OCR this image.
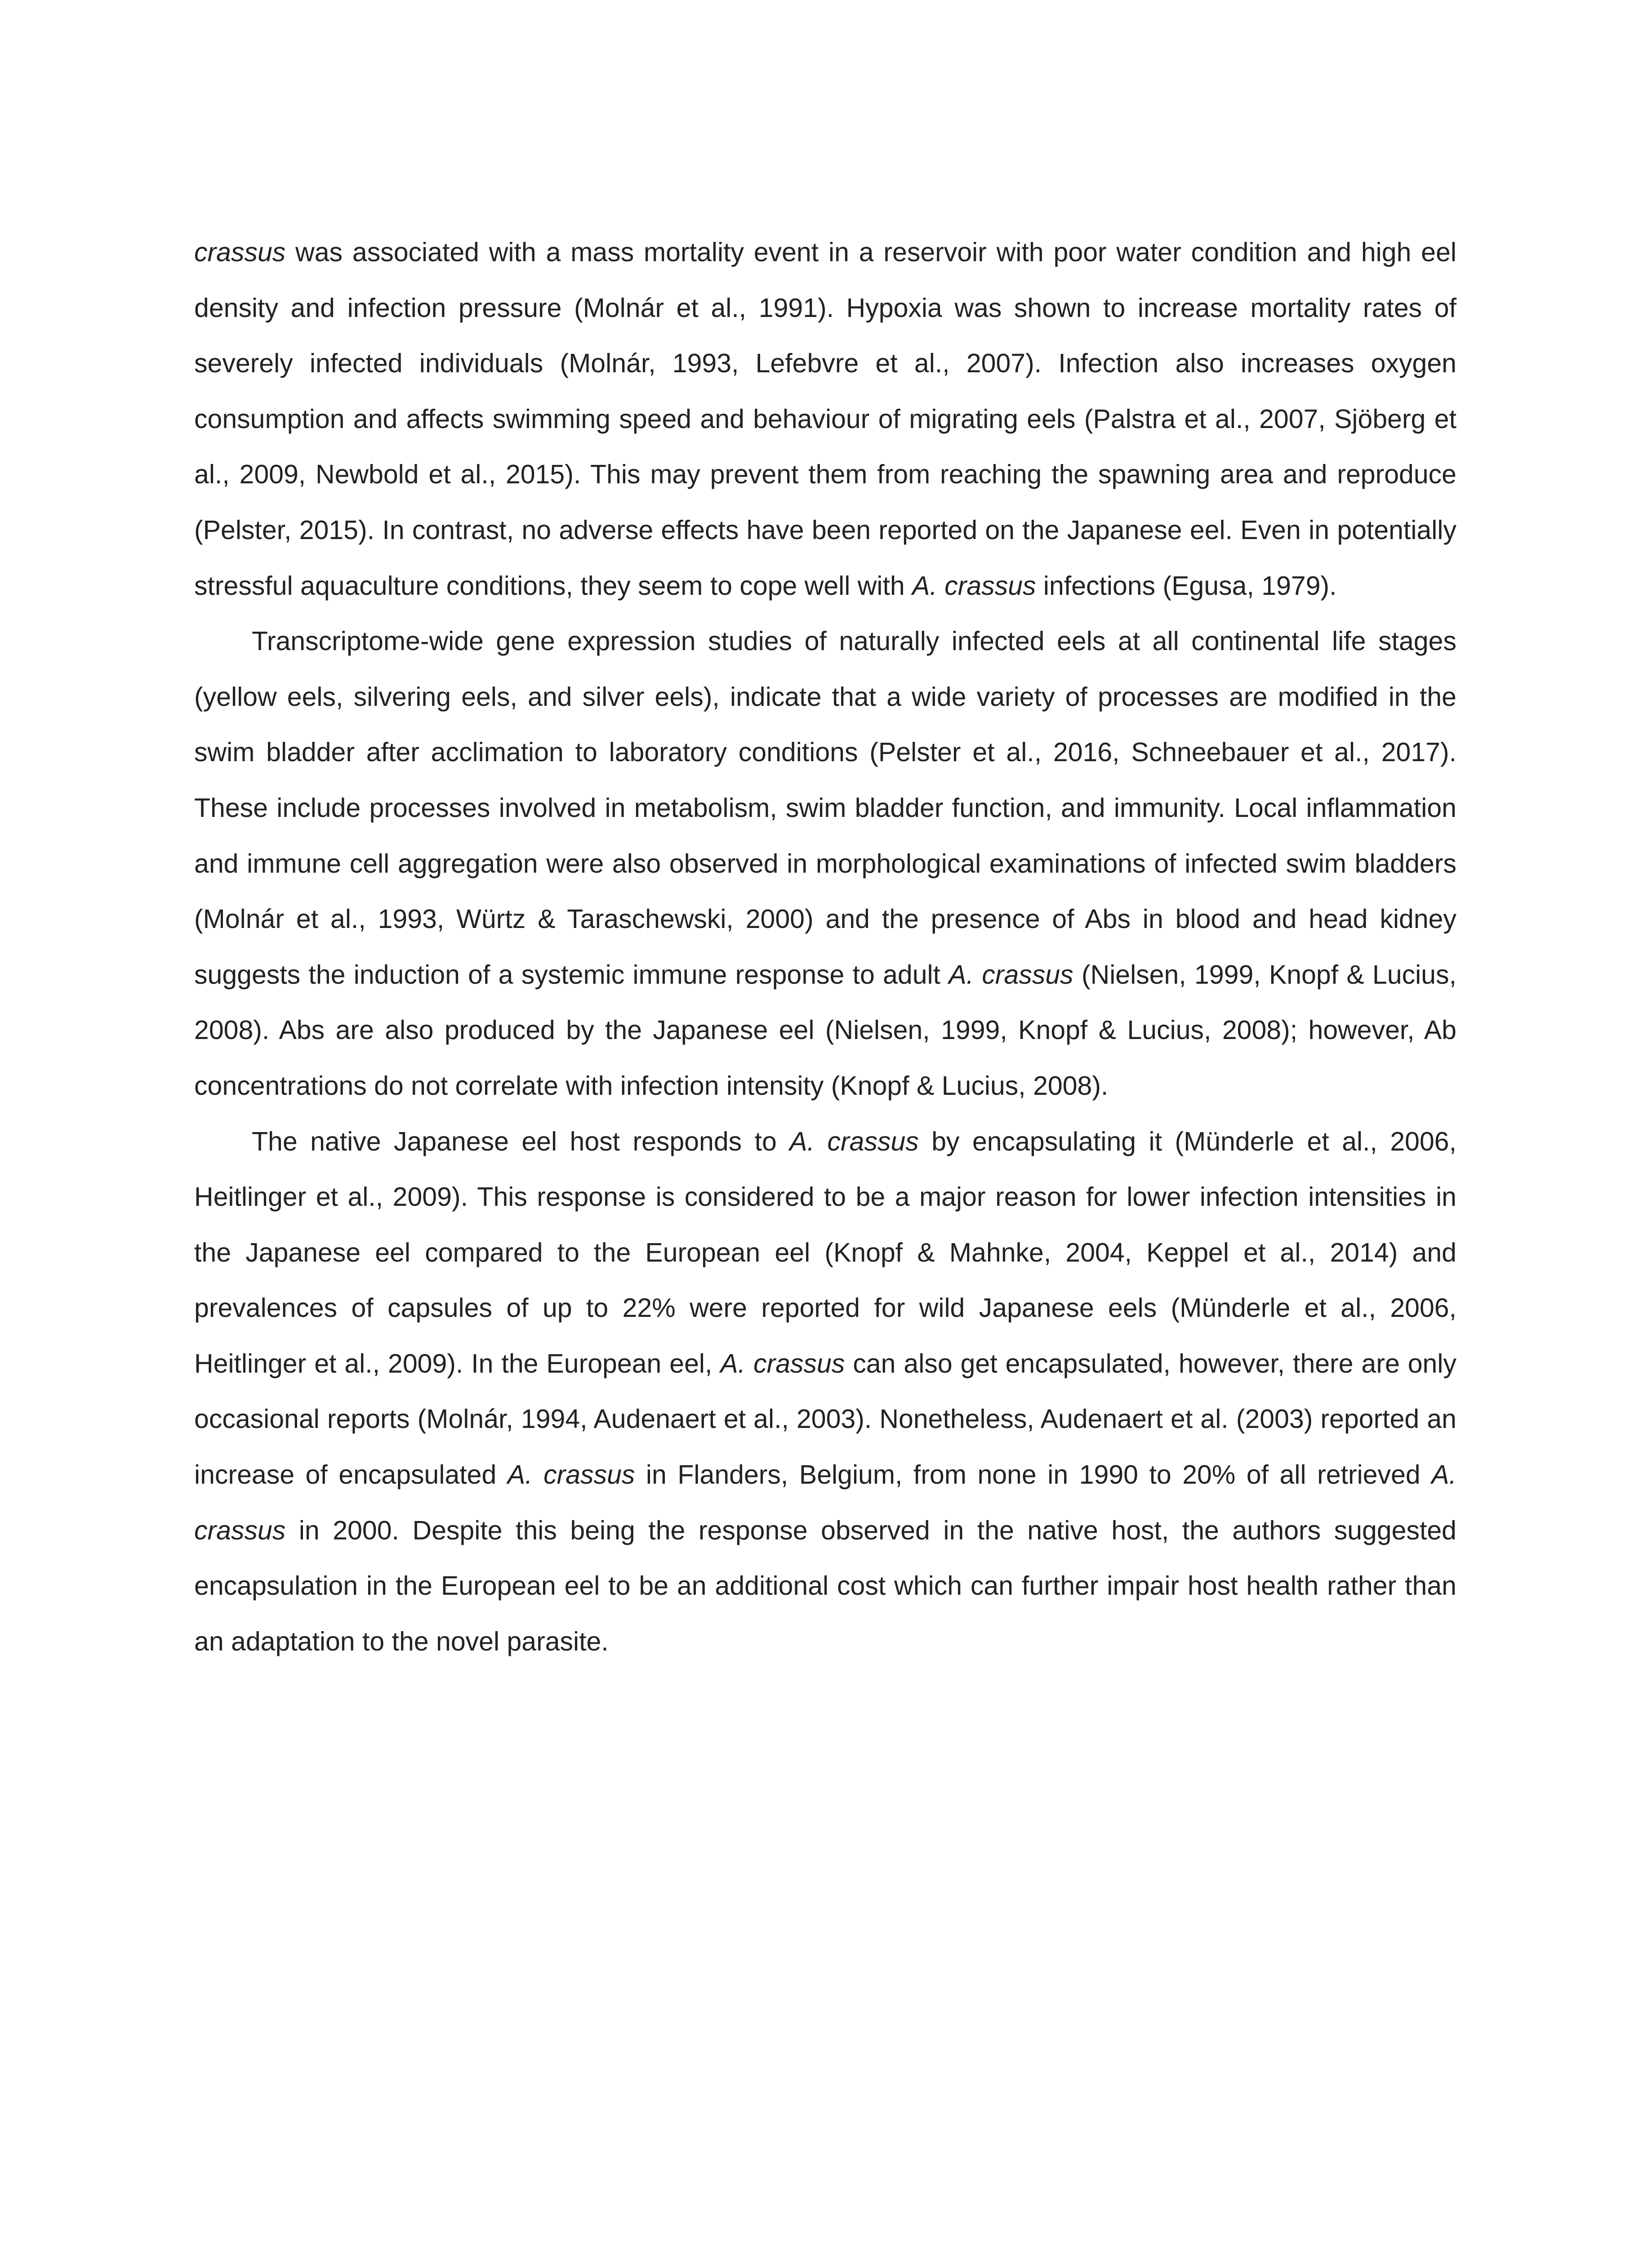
crassus was associated with a mass mortality event in a reservoir with poor water condition and high eel density and infection pressure (Molnár et al., 1991). Hypoxia was shown to increase mortality rates of severely infected individuals (Molnár, 1993, Lefebvre et al., 2007). Infection also increases oxygen consumption and affects swimming speed and behaviour of migrating eels (Palstra et al., 2007, Sjöberg et al., 2009, Newbold et al., 2015). This may prevent them from reaching the spawning area and reproduce (Pelster, 2015). In contrast, no adverse effects have been reported on the Japanese eel. Even in potentially stressful aquaculture conditions, they seem to cope well with A. crassus infections (Egusa, 1979).

Transcriptome-wide gene expression studies of naturally infected eels at all continental life stages (yellow eels, silvering eels, and silver eels), indicate that a wide variety of processes are modified in the swim bladder after acclimation to laboratory conditions (Pelster et al., 2016, Schneebauer et al., 2017). These include processes involved in metabolism, swim bladder function, and immunity. Local inflammation and immune cell aggregation were also observed in morphological examinations of infected swim bladders (Molnár et al., 1993, Würtz & Taraschewski, 2000) and the presence of Abs in blood and head kidney suggests the induction of a systemic immune response to adult A. crassus (Nielsen, 1999, Knopf & Lucius, 2008). Abs are also produced by the Japanese eel (Nielsen, 1999, Knopf & Lucius, 2008); however, Ab concentrations do not correlate with infection intensity (Knopf & Lucius, 2008).

The native Japanese eel host responds to A. crassus by encapsulating it (Münderle et al., 2006, Heitlinger et al., 2009). This response is considered to be a major reason for lower infection intensities in the Japanese eel compared to the European eel (Knopf & Mahnke, 2004, Keppel et al., 2014) and prevalences of capsules of up to 22% were reported for wild Japanese eels (Münderle et al., 2006, Heitlinger et al., 2009). In the European eel, A. crassus can also get encapsulated, however, there are only occasional reports (Molnár, 1994, Audenaert et al., 2003). Nonetheless, Audenaert et al. (2003) reported an increase of encapsulated A. crassus in Flanders, Belgium, from none in 1990 to 20% of all retrieved A. crassus in 2000. Despite this being the response observed in the native host, the authors suggested encapsulation in the European eel to be an additional cost which can further impair host health rather than an adaptation to the novel parasite.
